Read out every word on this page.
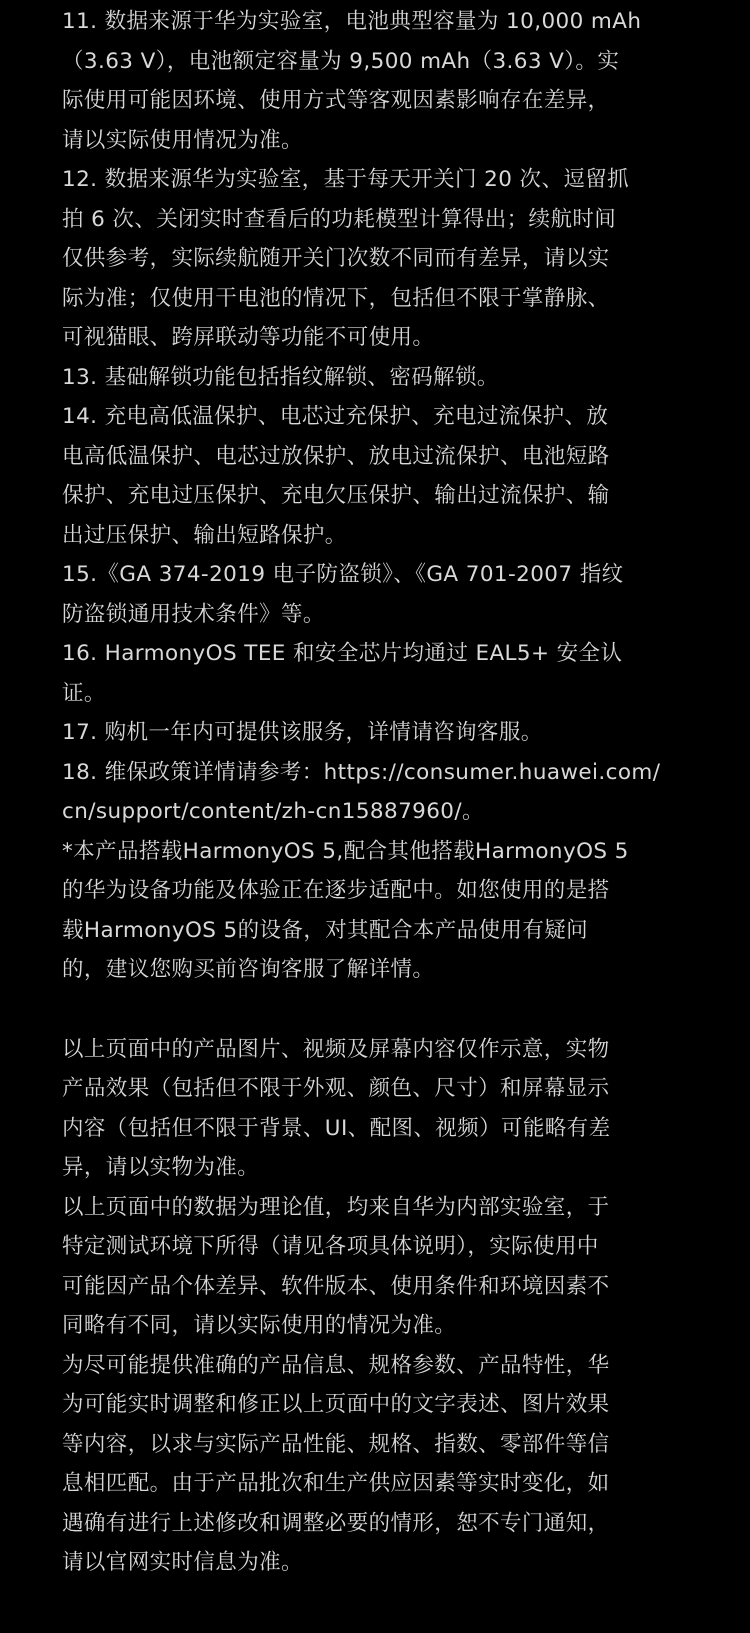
11. 数据来源于华为实验室，电池典型容量为 10,000 mAh
（3.63 V），电池额定容量为 9,500 mAh（3.63 V）。实
际使用可能因环境、使用方式等客观因素影响存在差异，
请以实际使用情况为准。

12. 数据来源华为实验室，基于每天开关门 20 次、逗留抓
拍 6 次、关闭实时查看后的功耗模型计算得出；续航时间
仅供参考，实际续航随开关门次数不同而有差异，请以实
际为准；仅使用干电池的情况下，包括但不限于掌静脉、
可视猫眼、跨屏联动等功能不可使用。

13. 基础解锁功能包括指纹解锁、密码解锁。

14. 充电高低温保护、电芯过充保护、充电过流保护、放
电高低温保护、电芯过放保护、放电过流保护、电池短路
保护、充电过压保护、充电欠压保护、输出过流保护、输
出过压保护、输出短路保护。

15.《GA 374-2019 电子防盗锁》、《GA 701-2007 指纹
防盗锁通用技术条件》等。

16. HarmonyOS TEE 和安全芯片均通过 EAL5+ 安全认
证。

17. 购机一年内可提供该服务，详情请咨询客服。

18. 维保政策详情请参考：https://consumer.huawei.com/
cn/support/content/zh-cn15887960/。

*本产品搭载HarmonyOS 5,配合其他搭载HarmonyOS 5
的华为设备功能及体验正在逐步适配中。如您使用的是搭
载HarmonyOS 5的设备，对其配合本产品使用有疑问
的，建议您购买前咨询客服了解详情。

以上页面中的产品图片、视频及屏幕内容仅作示意，实物
产品效果（包括但不限于外观、颜色、尺寸）和屏幕显示
内容（包括但不限于背景、UI、配图、视频）可能略有差
异，请以实物为准。

以上页面中的数据为理论值，均来自华为内部实验室，于
特定测试环境下所得（请见各项具体说明），实际使用中
可能因产品个体差异、软件版本、使用条件和环境因素不
同略有不同，请以实际使用的情况为准。

为尽可能提供准确的产品信息、规格参数、产品特性，华
为可能实时调整和修正以上页面中的文字表述、图片效果
等内容，以求与实际产品性能、规格、指数、零部件等信
息相匹配。由于产品批次和生产供应因素等实时变化，如
遇确有进行上述修改和调整必要的情形，恕不专门通知，
请以官网实时信息为准。
